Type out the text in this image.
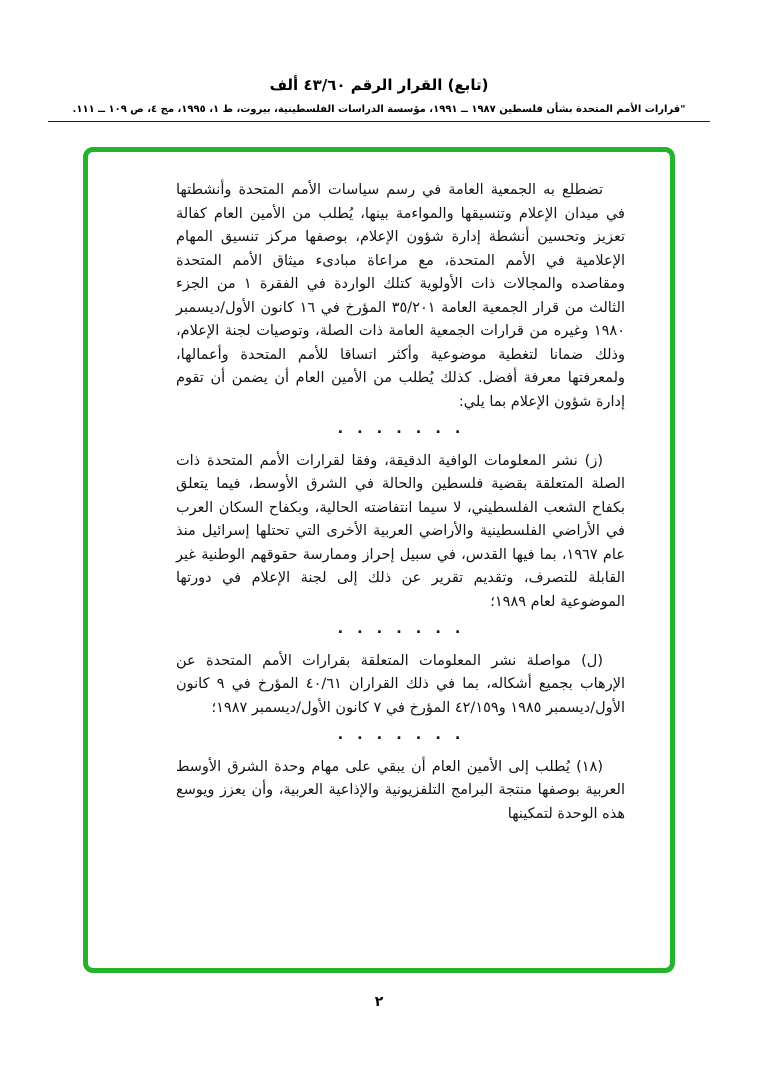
(تابع) القرار الرقم ٤٣/٦٠ ألف
"قرارات الأمم المتحدة بشأن فلسطين ١٩٨٧ ــ ١٩٩١، مؤسسة الدراسات الفلسطينية، بيروت، ط ١، ١٩٩٥، مج ٤، ص ١٠٩ ــ ١١١.

تضطلع به الجمعية العامة في رسم سياسات الأمم المتحدة وأنشطتها في ميدان الإعلام وتنسيقها والمواءمة بينها، يُطلب من الأمين العام كفالة تعزيز وتحسين أنشطة إدارة شؤون الإعلام، بوصفها مركز تنسيق المهام الإعلامية في الأمم المتحدة، مع مراعاة مبادىء ميثاق الأمم المتحدة ومقاصده والمجالات ذات الأولوية كتلك الواردة في الفقرة ١ من الجزء الثالث من قرار الجمعية العامة ٣٥/٢٠١ المؤرخ في ١٦ كانون الأول/ديسمبر ١٩٨٠ وغيره من قرارات الجمعية العامة ذات الصلة، وتوصيات لجنة الإعلام، وذلك ضمانا لتغطية موضوعية وأكثر اتساقا للأمم المتحدة وأعمالها، ولمعرفتها معرفة أفضل. كذلك يُطلب من الأمين العام أن يضمن أن تقوم إدارة شؤون الإعلام بما يلي:

. . . . . . .

(ز) نشر المعلومات الوافية الدقيقة، وفقا لقرارات الأمم المتحدة ذات الصلة المتعلقة بقضية فلسطين والحالة في الشرق الأوسط، فيما يتعلق بكفاح الشعب الفلسطيني، لا سيما انتفاضته الحالية، وبكفاح السكان العرب في الأراضي الفلسطينية والأراضي العربية الأخرى التي تحتلها إسرائيل منذ عام ١٩٦٧، بما فيها القدس، في سبيل إحراز وممارسة حقوقهم الوطنية غير القابلة للتصرف، وتقديم تقرير عن ذلك إلى لجنة الإعلام في دورتها الموضوعية لعام ١٩٨٩؛

. . . . . . .

(ل) مواصلة نشر المعلومات المتعلقة بقرارات الأمم المتحدة عن الإرهاب بجميع أشكاله، بما في ذلك القراران ٤٠/٦١ المؤرخ في ٩ كانون الأول/ديسمبر ١٩٨٥ و٤٢/١٥٩ المؤرخ في ٧ كانون الأول/ديسمبر ١٩٨٧؛

. . . . . . .

(١٨) يُطلب إلى الأمين العام أن يبقي على مهام وحدة الشرق الأوسط العربية بوصفها منتجة البرامج التلفزيونية والإذاعية العربية، وأن يعزز ويوسع هذه الوحدة لتمكينها

٢
